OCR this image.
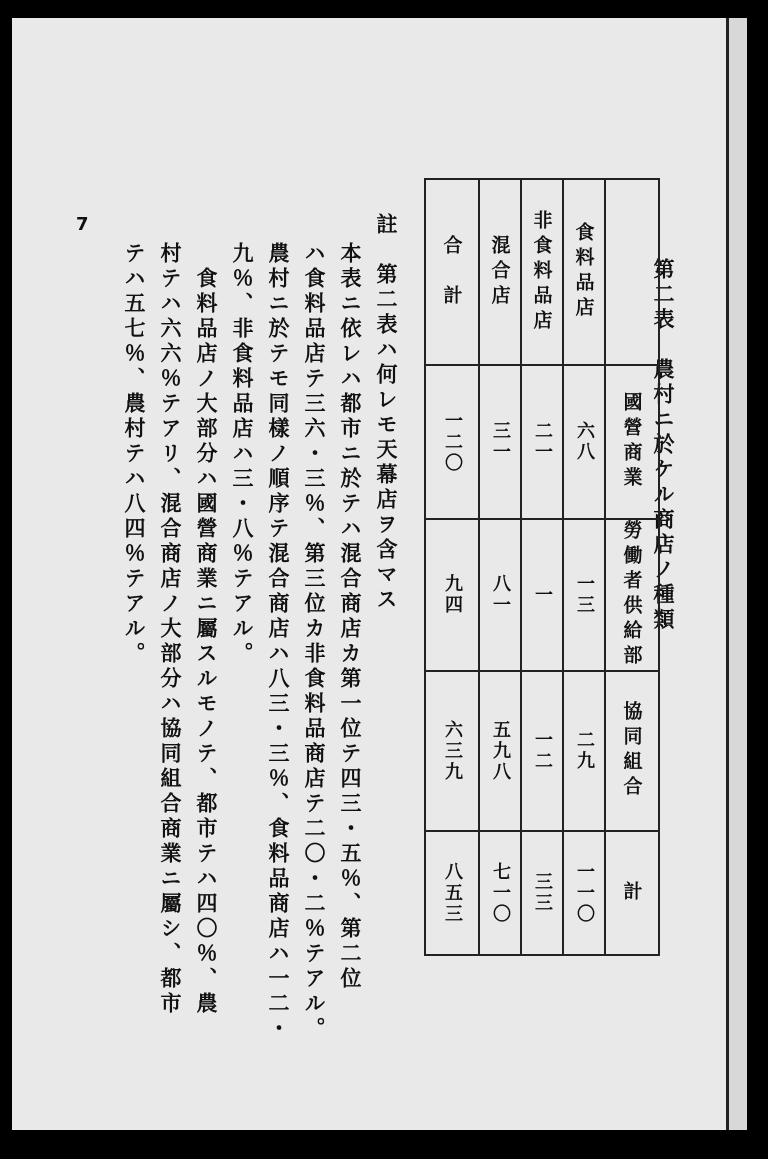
第二表　農村ニ於ケル商店ノ種類
合　計	混合店	非食料品店	食料品店	

一二〇	三一	二一	六八	國營商業

九四	八一	一	一三	勞働者供給部

六三九	五九八	一二	二九	協同組合

八五三	七一〇	三三	一一〇	計
註　第二表ハ何レモ天幕店ヲ含マス
本表ニ依レハ都市ニ於テハ混合商店カ第一位テ四三・五％、第二位
ハ食料品店テ三六・三％、第三位カ非食料品商店テ二〇・二％テアル。
農村ニ於テモ同樣ノ順序テ混合商店ハ八三・三％、食料品商店ハ一二・
九％、非食料品店ハ三・八％テアル。
　食料品店ノ大部分ハ國營商業ニ屬スルモノテ、都市テハ四〇％、農
村テハ六六％テアリ、混合商店ノ大部分ハ協同組合商業ニ屬シ、都市
テハ五七％、農村テハ八四％テアル。
7
